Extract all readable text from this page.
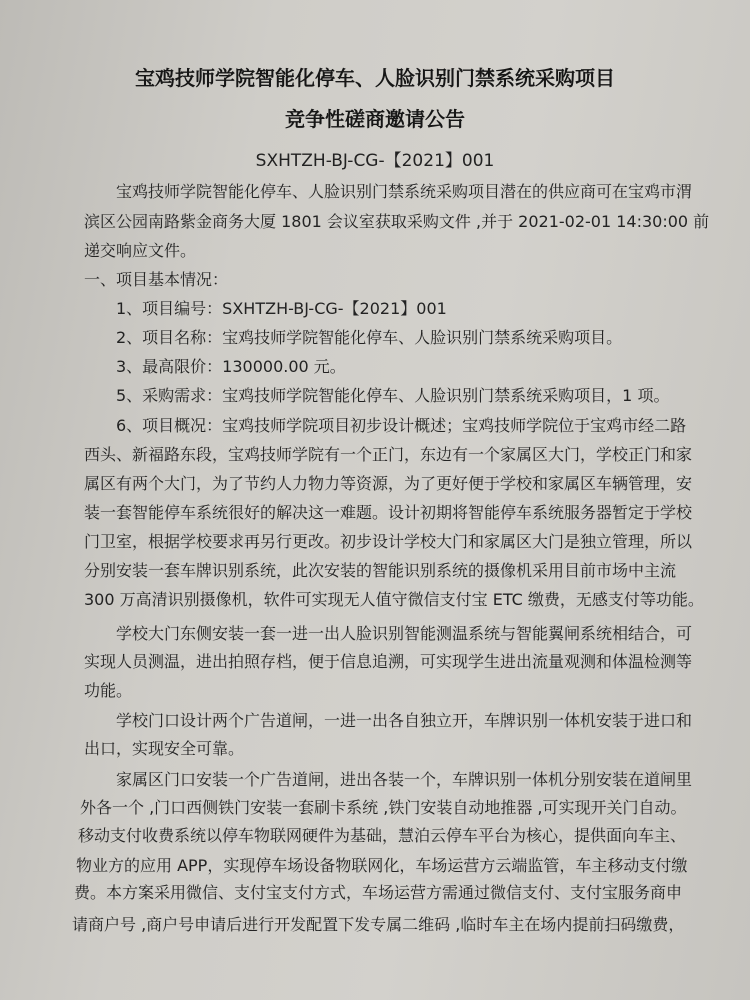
宝鸡技师学院智能化停车、人脸识别门禁系统采购项目
竞争性磋商邀请公告
SXHTZH-BJ-CG-【2021】001
宝鸡技师学院智能化停车、人脸识别门禁系统采购项目潜在的供应商可在宝鸡市渭
滨区公园南路紫金商务大厦 1801 会议室获取采购文件 ,并于 2021-02-01 14:30:00 前
递交响应文件。
一、项目基本情况：
1、项目编号：SXHTZH-BJ-CG-【2021】001
2、项目名称：宝鸡技师学院智能化停车、人脸识别门禁系统采购项目。
3、最高限价：130000.00 元。
5、采购需求：宝鸡技师学院智能化停车、人脸识别门禁系统采购项目，1 项。
6、项目概况：宝鸡技师学院项目初步设计概述；宝鸡技师学院位于宝鸡市经二路
西头、新福路东段，宝鸡技师学院有一个正门，东边有一个家属区大门，学校正门和家
属区有两个大门，为了节约人力物力等资源，为了更好便于学校和家属区车辆管理，安
装一套智能停车系统很好的解决这一难题。设计初期将智能停车系统服务器暂定于学校
门卫室，根据学校要求再另行更改。初步设计学校大门和家属区大门是独立管理，所以
分别安装一套车牌识别系统，此次安装的智能识别系统的摄像机采用目前市场中主流
300 万高清识别摄像机，软件可实现无人值守微信支付宝 ETC 缴费，无感支付等功能。
学校大门东侧安装一套一进一出人脸识别智能测温系统与智能翼闸系统相结合，可
实现人员测温，进出拍照存档，便于信息追溯，可实现学生进出流量观测和体温检测等
功能。
学校门口设计两个广告道闸，一进一出各自独立开，车牌识别一体机安装于进口和
出口，实现安全可靠。
家属区门口安装一个广告道闸，进出各装一个，车牌识别一体机分别安装在道闸里
外各一个 ,门口西侧铁门安装一套刷卡系统 ,铁门安装自动地推器 ,可实现开关门自动。
移动支付收费系统以停车物联网硬件为基础，慧泊云停车平台为核心，提供面向车主、
物业方的应用 APP，实现停车场设备物联网化，车场运营方云端监管，车主移动支付缴
费。本方案采用微信、支付宝支付方式，车场运营方需通过微信支付、支付宝服务商申
请商户号 ,商户号申请后进行开发配置下发专属二维码 ,临时车主在场内提前扫码缴费，
